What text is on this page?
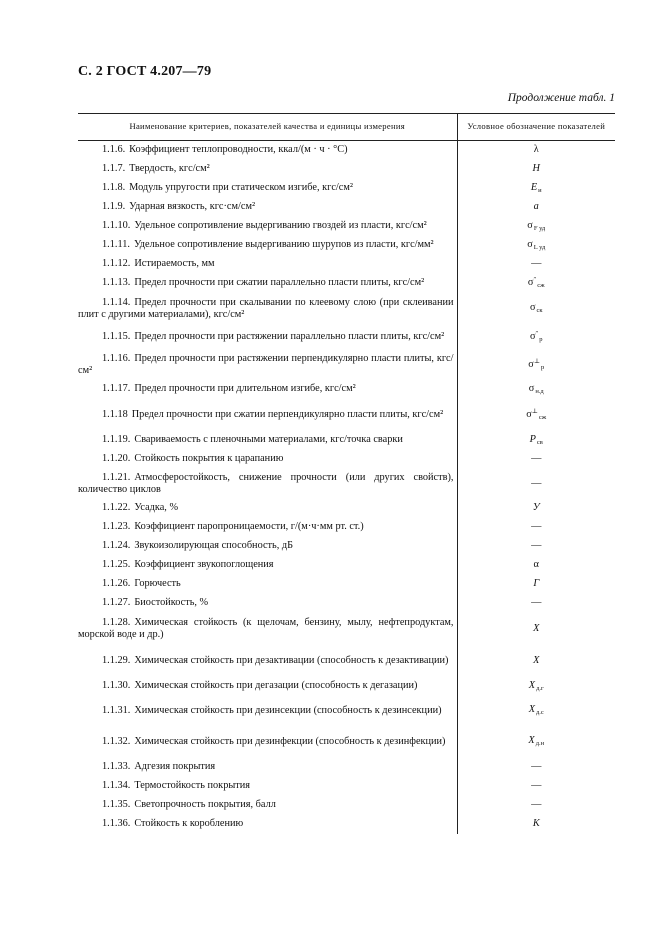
С. 2 ГОСТ 4.207—79
Продолжение табл. 1
Наименование критериев, показателей качества и единицы измерения	Условное обозначение показателей

1.1.6. Коэффициент теплопроводности, ккал/(м · ч · °С)	λ

1.1.7. Твердость, кгс/см²	H

1.1.8. Модуль упругости при статическом изгибе, кгс/см²	$E_и$

1.1.9. Ударная вязкость, кгс·см/см²	a

1.1.10. Удельное сопротивление выдергиванию гвоздей из пласти, кгс/см²	$\sigma_{F уд}$

1.1.11. Удельное сопротивление выдергиванию шурупов из пласти, кгс/мм²	$\sigma_{L уд}$

1.1.12. Истираемость, мм	—

1.1.13. Предел прочности при сжатии параллельно пласти плиты, кгс/см²	$\sigma''_{сж}$

1.1.14. Предел прочности при скалывании по клеевому слою (при склеивании плит с другими материалами), кгс/см²	$\sigma_{ск}$

1.1.15. Предел прочности при растяжении параллельно пласти плиты, кгс/см²	$\sigma''_р$

1.1.16. Предел прочности при растяжении перпендикулярно пласти плиты, кгс/см²	$\sigma^\perp_р$

1.1.17. Предел прочности при длительном изгибе, кгс/см²	$\sigma_{н.д}$

1.1.18 Предел прочности при сжатии перпендикулярно пласти плиты, кгс/см²	$\sigma^\perp_{сж}$

1.1.19. Свариваемость с пленочными материалами, кгс/точка сварки	$P_{св}$

1.1.20. Стойкость покрытия к царапанию	—

1.1.21. Атмосферостойкость, снижение прочности (или других свойств), количество циклов	—

1.1.22. Усадка, %	У

1.1.23. Коэффициент паропроницаемости, г/(м·ч·мм рт. ст.)	—

1.1.24. Звукоизолирующая способность, дБ	—

1.1.25. Коэффициент звукопоглощения	α

1.1.26. Горючесть	Г

1.1.27. Биостойкость, %	—

1.1.28. Химическая стойкость (к щелочам, бензину, мылу, нефтепродуктам, морской воде и др.)	X

1.1.29. Химическая стойкость при дезактивации (способность к дезактивации)	X

1.1.30. Химическая стойкость при дегазации (способность к дегазации)	$X_{д.г}$

1.1.31. Химическая стойкость при дезинсекции (способность к дезинсекции)	$X_{д.с}$

1.1.32. Химическая стойкость при дезинфекции (способность к дезинфекции)	$X_{д.н}$

1.1.33. Адгезия покрытия	—

1.1.34. Термостойкость покрытия	—

1.1.35. Светопрочность покрытия, балл	—

1.1.36. Стойкость к короблению	K
